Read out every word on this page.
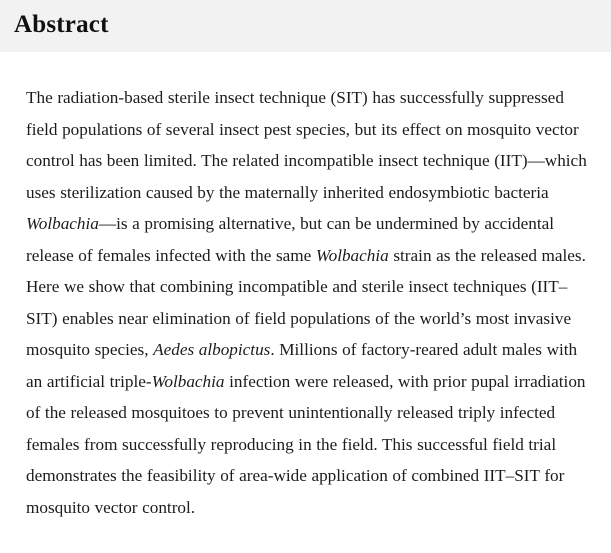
Abstract

The radiation-based sterile insect technique (SIT) has successfully suppressed field populations of several insect pest species, but its effect on mosquito vector control has been limited. The related incompatible insect technique (IIT)—which uses sterilization caused by the maternally inherited endosymbiotic bacteria Wolbachia—is a promising alternative, but can be undermined by accidental release of females infected with the same Wolbachia strain as the released males. Here we show that combining incompatible and sterile insect techniques (IIT–SIT) enables near elimination of field populations of the world’s most invasive mosquito species, Aedes albopictus. Millions of factory-reared adult males with an artificial triple-Wolbachia infection were released, with prior pupal irradiation of the released mosquitoes to prevent unintentionally released triply infected females from successfully reproducing in the field. This successful field trial demonstrates the feasibility of area-wide application of combined IIT–SIT for mosquito vector control.
